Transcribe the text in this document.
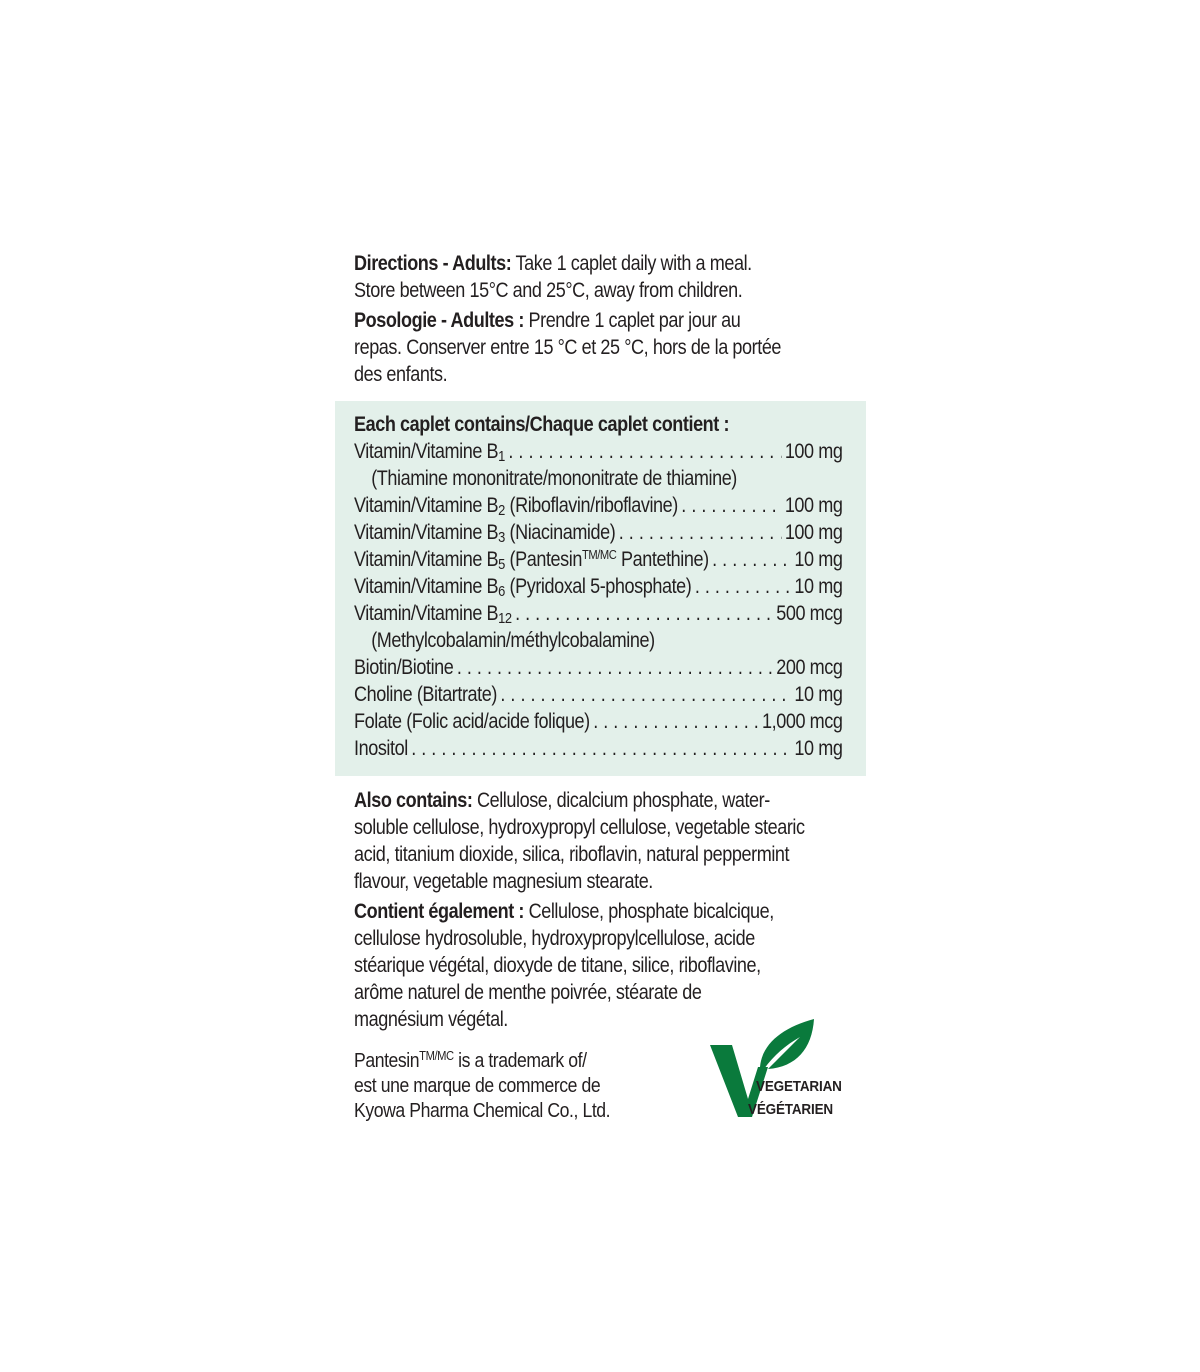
Directions - Adults: Take 1 caplet daily with a meal.
Store between 15°C and 25°C, away from children.
Posologie - Adultes : Prendre 1 caplet par jour au
repas. Conserver entre 15 °C et 25 °C, hors de la portée
des enfants.
Each caplet contains/Chaque caplet contient :
Vitamin/Vitamine $B_1$ . . .	100 mg
(Thiamine mononitrate/mononitrate de thiamine)
Vitamin/Vitamine $B_2$ (Riboflavin/riboflavine) . . .	100 mg
Vitamin/Vitamine $B_3$ (Niacinamide) . . .	100 mg
Vitamin/Vitamine $B_5$ (Pantesin$^{TM/MC}$ Pantethine) . . .	10 mg
Vitamin/Vitamine $B_6$ (Pyridoxal 5-phosphate) . . .	10 mg
Vitamin/Vitamine $B_{12}$ . . .	500 mcg
(Methylcobalamin/méthylcobalamine)
Biotin/Biotine . . .	200 mcg
Choline (Bitartrate) . . .	10 mg
Folate (Folic acid/acide folique) . . .	1,000 mcg
Inositol . . .	10 mg
Also contains: Cellulose, dicalcium phosphate, water-
soluble cellulose, hydroxypropyl cellulose, vegetable stearic
acid, titanium dioxide, silica, riboflavin, natural peppermint
flavour, vegetable magnesium stearate.
Contient également : Cellulose, phosphate bicalcique,
cellulose hydrosoluble, hydroxypropylcellulose, acide
stéarique végétal, dioxyde de titane, silice, riboflavine,
arôme naturel de menthe poivrée, stéarate de
magnésium végétal.
Pantesin$^{TM/MC}$ is a trademark of/
est une marque de commerce de
Kyowa Pharma Chemical Co., Ltd.
VEGETARIAN
VÉGÉTARIEN
